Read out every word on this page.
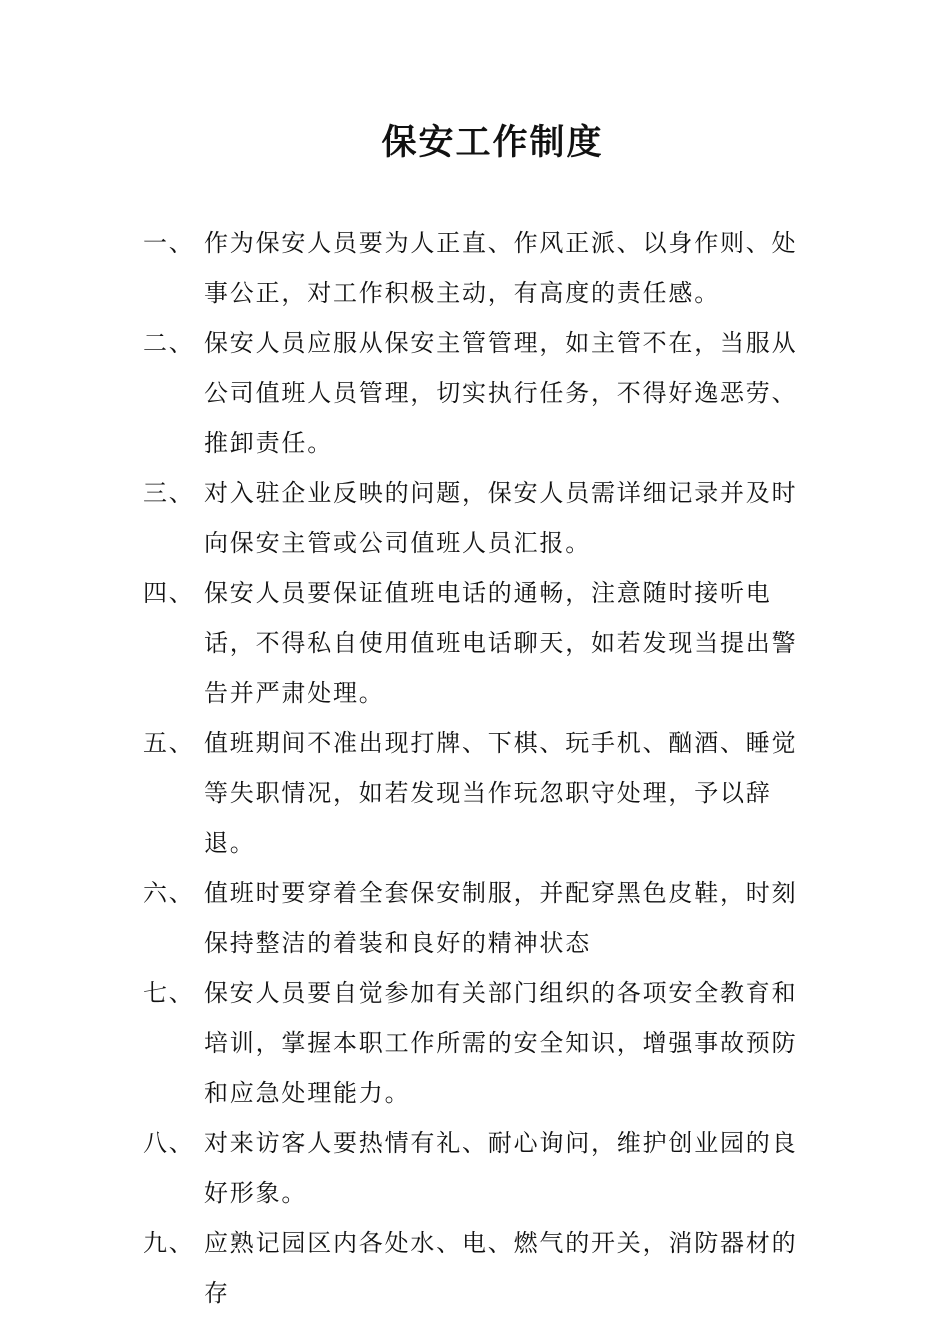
保安工作制度
一、 作为保安人员要为人正直、作风正派、以身作则、处事公正，对工作积极主动，有高度的责任感。
二、 保安人员应服从保安主管管理，如主管不在，当服从公司值班人员管理，切实执行任务，不得好逸恶劳、推卸责任。
三、 对入驻企业反映的问题，保安人员需详细记录并及时向保安主管或公司值班人员汇报。
四、 保安人员要保证值班电话的通畅，注意随时接听电话，不得私自使用值班电话聊天，如若发现当提出警告并严肃处理。
五、 值班期间不准出现打牌、下棋、玩手机、酗酒、睡觉等失职情况，如若发现当作玩忽职守处理，予以辞退。
六、 值班时要穿着全套保安制服，并配穿黑色皮鞋，时刻保持整洁的着装和良好的精神状态
七、 保安人员要自觉参加有关部门组织的各项安全教育和培训，掌握本职工作所需的安全知识，增强事故预防和应急处理能力。
八、 对来访客人要热情有礼、耐心询问，维护创业园的良好形象。
九、 应熟记园区内各处水、电、燃气的开关，消防器材的存
